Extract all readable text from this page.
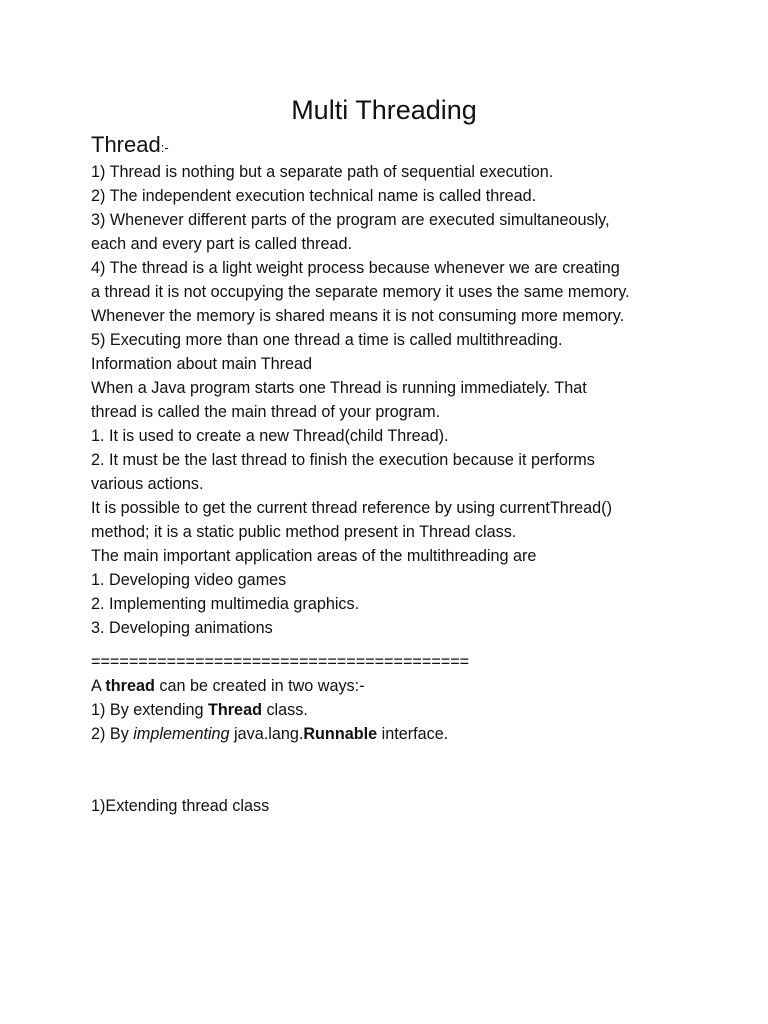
Multi Threading
Thread:-
1) Thread is nothing but a separate path of sequential execution.
2) The independent execution technical name is called thread.
3) Whenever different parts of the program are executed simultaneously,
each and every part is called thread.
4) The thread is a light weight process because whenever we are creating
a thread it is not occupying the separate memory it uses the same memory.
Whenever the memory is shared means it is not consuming more memory.
5) Executing more than one thread a time is called multithreading.
Information about main Thread
When a Java program starts one Thread is running immediately. That
thread is called the main thread of your program.
1. It is used to create a new Thread(child Thread).
2. It must be the last thread to finish the execution because it performs
various actions.
It is possible to get the current thread reference by using currentThread()
method; it is a static public method present in Thread class.
The main important application areas of the multithreading are
1. Developing video games
2. Implementing multimedia graphics.
3. Developing animations
========================================
A thread can be created in two ways:-
1) By extending Thread class.
2) By implementing java.lang.Runnable interface.
1)Extending thread class
